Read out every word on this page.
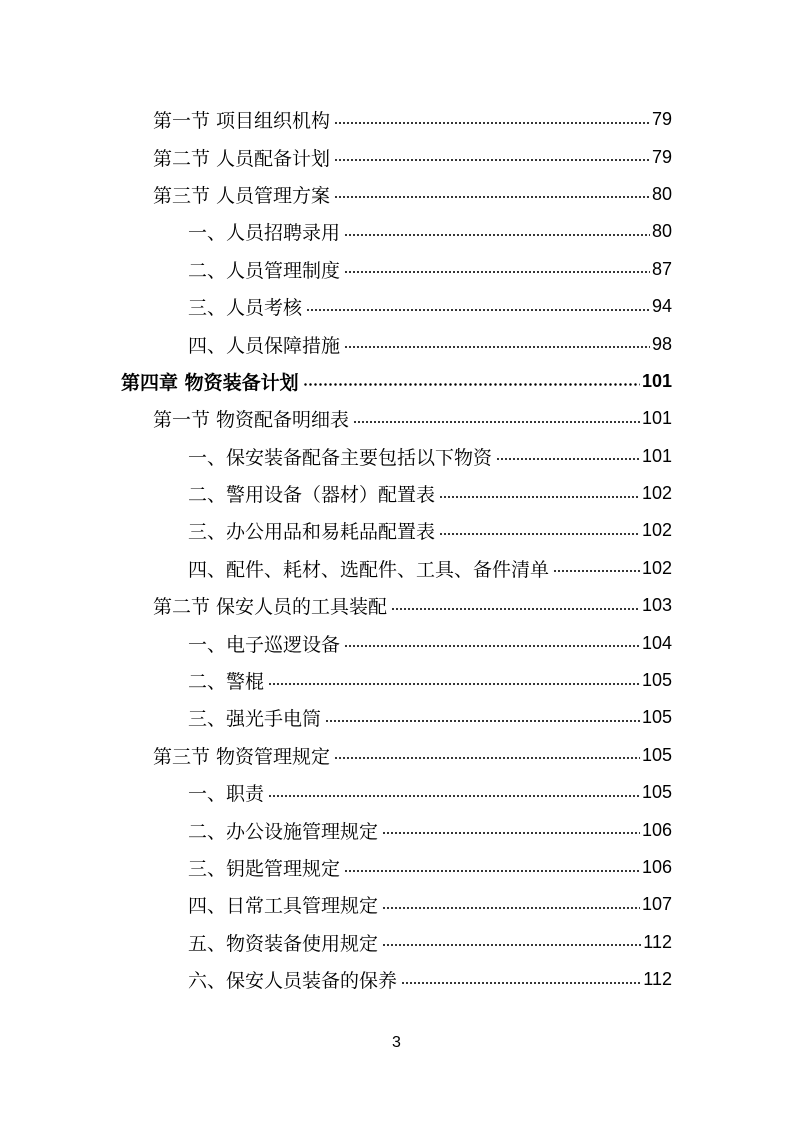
第一节 项目组织机构	79
第二节 人员配备计划	79
第三节 人员管理方案	80
一、人员招聘录用	80
二、人员管理制度	87
三、人员考核	94
四、人员保障措施	98
第四章 物资装备计划	101
第一节 物资配备明细表	101
一、保安装备配备主要包括以下物资	101
二、警用设备（器材）配置表	102
三、办公用品和易耗品配置表	102
四、配件、耗材、选配件、工具、备件清单	102
第二节 保安人员的工具装配	103
一、电子巡逻设备	104
二、警棍	105
三、强光手电筒	105
第三节 物资管理规定	105
一、职责	105
二、办公设施管理规定	106
三、钥匙管理规定	106
四、日常工具管理规定	107
五、物资装备使用规定	112
六、保安人员装备的保养	112
3
